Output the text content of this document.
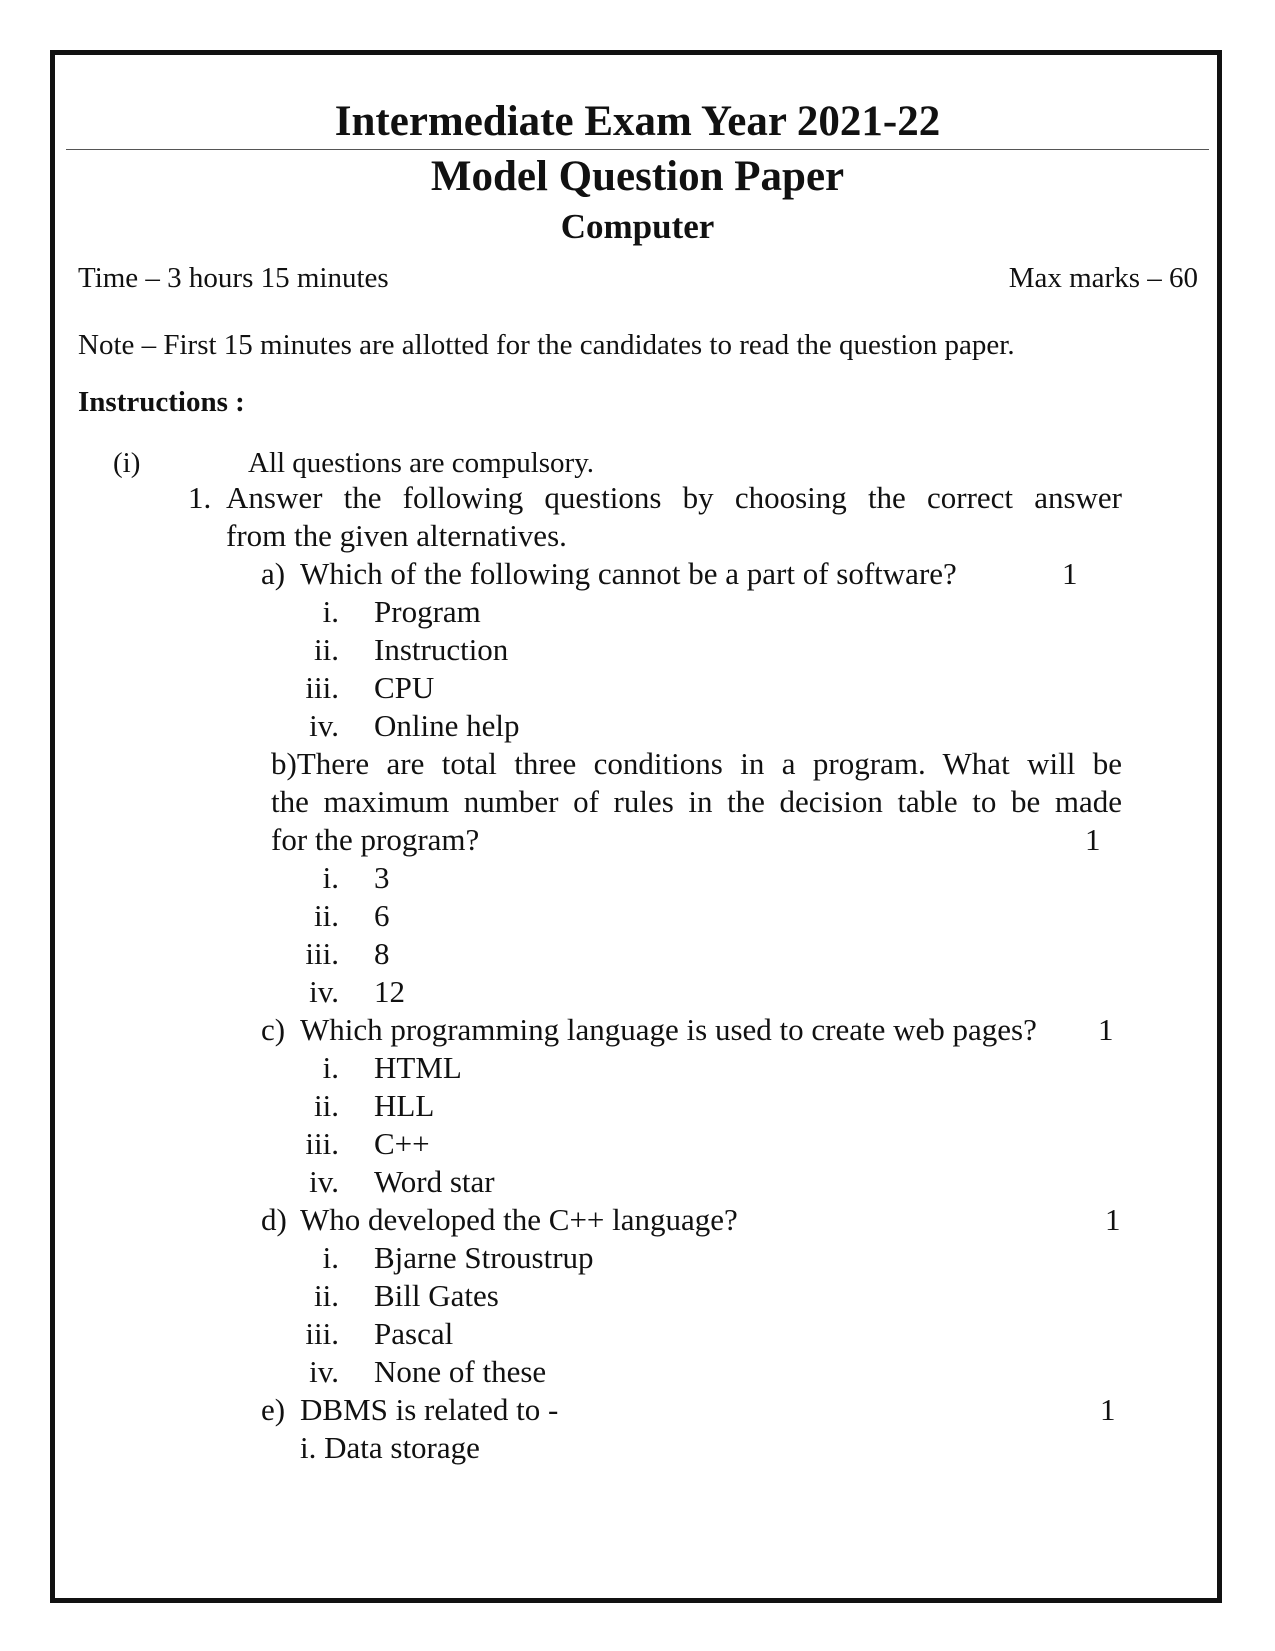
Intermediate Exam Year 2021-22
Model Question Paper
Computer
Time – 3 hours 15 minutes	Max marks – 60
Note – First 15 minutes are allotted for the candidates to read the question paper.
Instructions :
(i)	All questions are compulsory.
1. Answer the following questions by choosing the correct answer
from the given alternatives.
a) Which of the following cannot be a part of software?	1
i. Program
ii. Instruction
iii. CPU
iv. Online help
b)There are total three conditions in a program. What will be
the maximum number of rules in the decision table to be made
for the program?	1
i. 3
ii. 6
iii. 8
iv. 12
c) Which programming language is used to create web pages? 1
i. HTML
ii. HLL
iii. C++
iv. Word star
d) Who developed the C++ language?	1
i. Bjarne Stroustrup
ii. Bill Gates
iii. Pascal
iv. None of these
e) DBMS is related to -	1
i. Data storage
